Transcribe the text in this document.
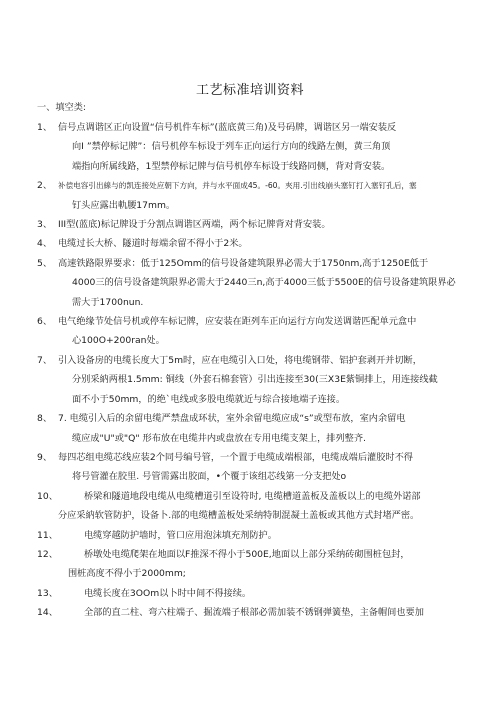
工艺标准培训资料
一、填空类:
1、 信号点调谐区正向设置“信号机件车标”(蓝底黄三角)及号码牌，调谐区另一端安装反
向I ”禁停标记牌”：信号机停车标设于列车正向运行方向的线路左侧，黄三角顶
端指向所属线路，1型禁停标记牌与信号机停车标设于线路同侧，背对背安装。
2、 补偿电容引出線与的凯连接处应朝下方向，并与水平面成45。-60。夾用.引出线崩头塞钉打入塞钉孔后，塞
钉头应露出軌腰17mm。
3、 III型(蓝底)标记牌设于分割点调谐区两端，两个标记牌背对背安装。
4、 电缆过长大桥、隧道时每端余留不得小于2米。
5、 高速铁路限界要求：低于125Omm的信号设备建筑限界必需大于1750nm,高于1250E低于
4000三的信号设备建筑限界必需大于2440三n,高于4000三低于5500E的信号设备建筑限界必
需大于1700nun.
6、 电气绝缘节处信号机或停车标记牌，应安装在距列车正向运行方向发送调谐匹配单元盒中
心100O+200ran处。
7、 引入设备房的电缆长度大丁5m时，应在电缆引入口处，将电缆钢带、铝护套剥开并切断，
分别采納两根1.5mm: 铜线（外套石棉套管）引出连接至30(三X3E紫铜排上，用连接线截
面不小于50mm，的绝`电线或多股电缆就近与综合接地端子连接。
8、 7. 电缆引入后的余留电缆严禁盘成环状，室外余留电缆应成“s”或型布放，室内余留电
缆应成"U"或"Q" 形布放在电缆井内或盘放在专用电缆支架上，排列整齐.
9、 每四芯组电缆芯线应装2个同号编号管，一个置于电缆成端根部，电缆成端后灌胶时不得
将号管灌在胶里. 号管需露出胶面，•个覆于该组芯线第一分支把处o
10、	桥梁和隧道地段电缆从电缆槽道引至设符时, 电缆槽道盖板及盖板以上的电缆外诺部
分应采納软管防护，设备卜.部的电缆槽盖板处采纳特制混凝土盖板或其他方式封堵严密。
11、	电缆穿越防护墙时，管口应用泡沫填充剂防护。
12、	桥墩处电缆爬架在地面以F推深不得小于500E,地面以上部分采纳砖砌围桩包封，
围桩高度不得小于2000mm;
13、	电缆长度在3OOm以卜时中间不得接续。
14、	全部的直二柱、弯六柱端子、掘流端子根部必需加装不锈钢弹簧垫，主备帽间也要加
